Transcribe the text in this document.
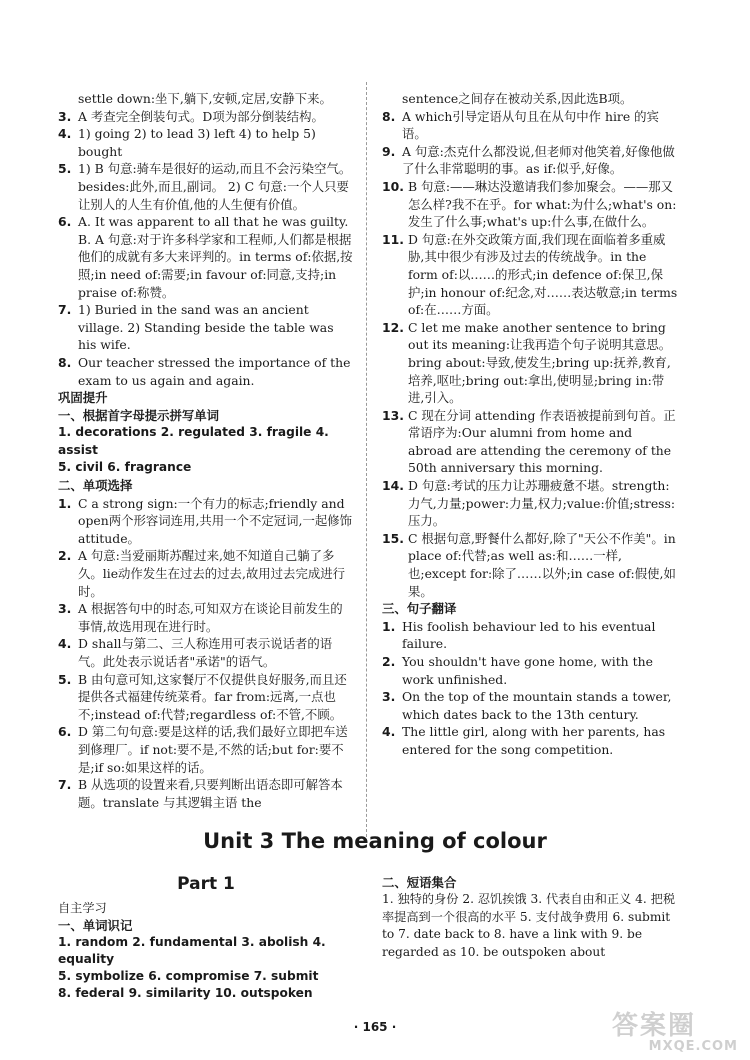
settle down:坐下,躺下,安顿,定居,安静下来。
3. A 考查完全倒装句式。D项为部分倒装结构。
4. 1) going 2) to lead 3) left 4) to help 5) bought
5. 1) B 句意:骑车是很好的运动,而且不会污染空气。besides:此外,而且,副词。 2) C 句意:一个人只要让别人的人生有价值,他的人生便有价值。
6. A. It was apparent to all that he was guilty. B. A 句意:对于许多科学家和工程师,人们都是根据他们的成就有多大来评判的。in terms of:依据,按照;in need of:需要;in favour of:同意,支持;in praise of:称赞。
7. 1) Buried in the sand was an ancient village. 2) Standing beside the table was his wife.
8. Our teacher stressed the importance of the exam to us again and again.
巩固提升
一、根据首字母提示拼写单词
1. decorations 2. regulated 3. fragile 4. assist
5. civil 6. fragrance
二、单项选择
1. C a strong sign:一个有力的标志;friendly and open两个形容词连用,共用一个不定冠词,一起修饰 attitude。
2. A 句意:当爱丽斯苏醒过来,她不知道自己躺了多久。lie动作发生在过去的过去,故用过去完成进行时。
3. A 根据答句中的时态,可知双方在谈论目前发生的事情,故选用现在进行时。
4. D shall与第二、三人称连用可表示说话者的语气。此处表示说话者"承诺"的语气。
5. B 由句意可知,这家餐厅不仅提供良好服务,而且还提供各式福建传统菜肴。far from:远离,一点也不;instead of:代替;regardless of:不管,不顾。
6. D 第二句句意:要是这样的话,我们最好立即把车送到修理厂。if not:要不是,不然的话;but for:要不是;if so:如果这样的话。
7. B 从选项的设置来看,只要判断出语态即可解答本题。translate 与其逻辑主语 the
sentence之间存在被动关系,因此选B项。
8. A which引导定语从句且在从句中作 hire 的宾语。
9. A 句意:杰克什么都没说,但老师对他笑着,好像他做了什么非常聪明的事。as if:似乎,好像。
10. B 句意:——琳达没邀请我们参加聚会。——那又怎么样?我不在乎。for what:为什么;what's on:发生了什么事;what's up:什么事,在做什么。
11. D 句意:在外交政策方面,我们现在面临着多重威胁,其中很少有涉及过去的传统战争。in the form of:以……的形式;in defence of:保卫,保护;in honour of:纪念,对……表达敬意;in terms of:在……方面。
12. C let me make another sentence to bring out its meaning:让我再造个句子说明其意思。bring about:导致,使发生;bring up:抚养,教育,培养,呕吐;bring out:拿出,使明显;bring in:带进,引入。
13. C 现在分词 attending 作表语被提前到句首。正常语序为:Our alumni from home and abroad are attending the ceremony of the 50th anniversary this morning.
14. D 句意:考试的压力让苏珊疲惫不堪。strength:力气,力量;power:力量,权力;value:价值;stress:压力。
15. C 根据句意,野餐什么都好,除了"天公不作美"。in place of:代替;as well as:和……一样,也;except for:除了……以外;in case of:假使,如果。
三、句子翻译
1. His foolish behaviour led to his eventual failure.
2. You shouldn't have gone home, with the work unfinished.
3. On the top of the mountain stands a tower, which dates back to the 13th century.
4. The little girl, along with her parents, has entered for the song competition.
Unit 3 The meaning of colour
Part 1
自主学习
一、单词识记
1. random 2. fundamental 3. abolish 4. equality
5. symbolize 6. compromise 7. submit
8. federal 9. similarity 10. outspoken
二、短语集合
1. 独特的身份 2. 忍饥挨饿 3. 代表自由和正义 4. 把税率提高到一个很高的水平 5. 支付战争费用 6. submit to 7. date back to 8. have a link with 9. be regarded as 10. be outspoken about
· 165 ·	答案圈
MXQE.COM
